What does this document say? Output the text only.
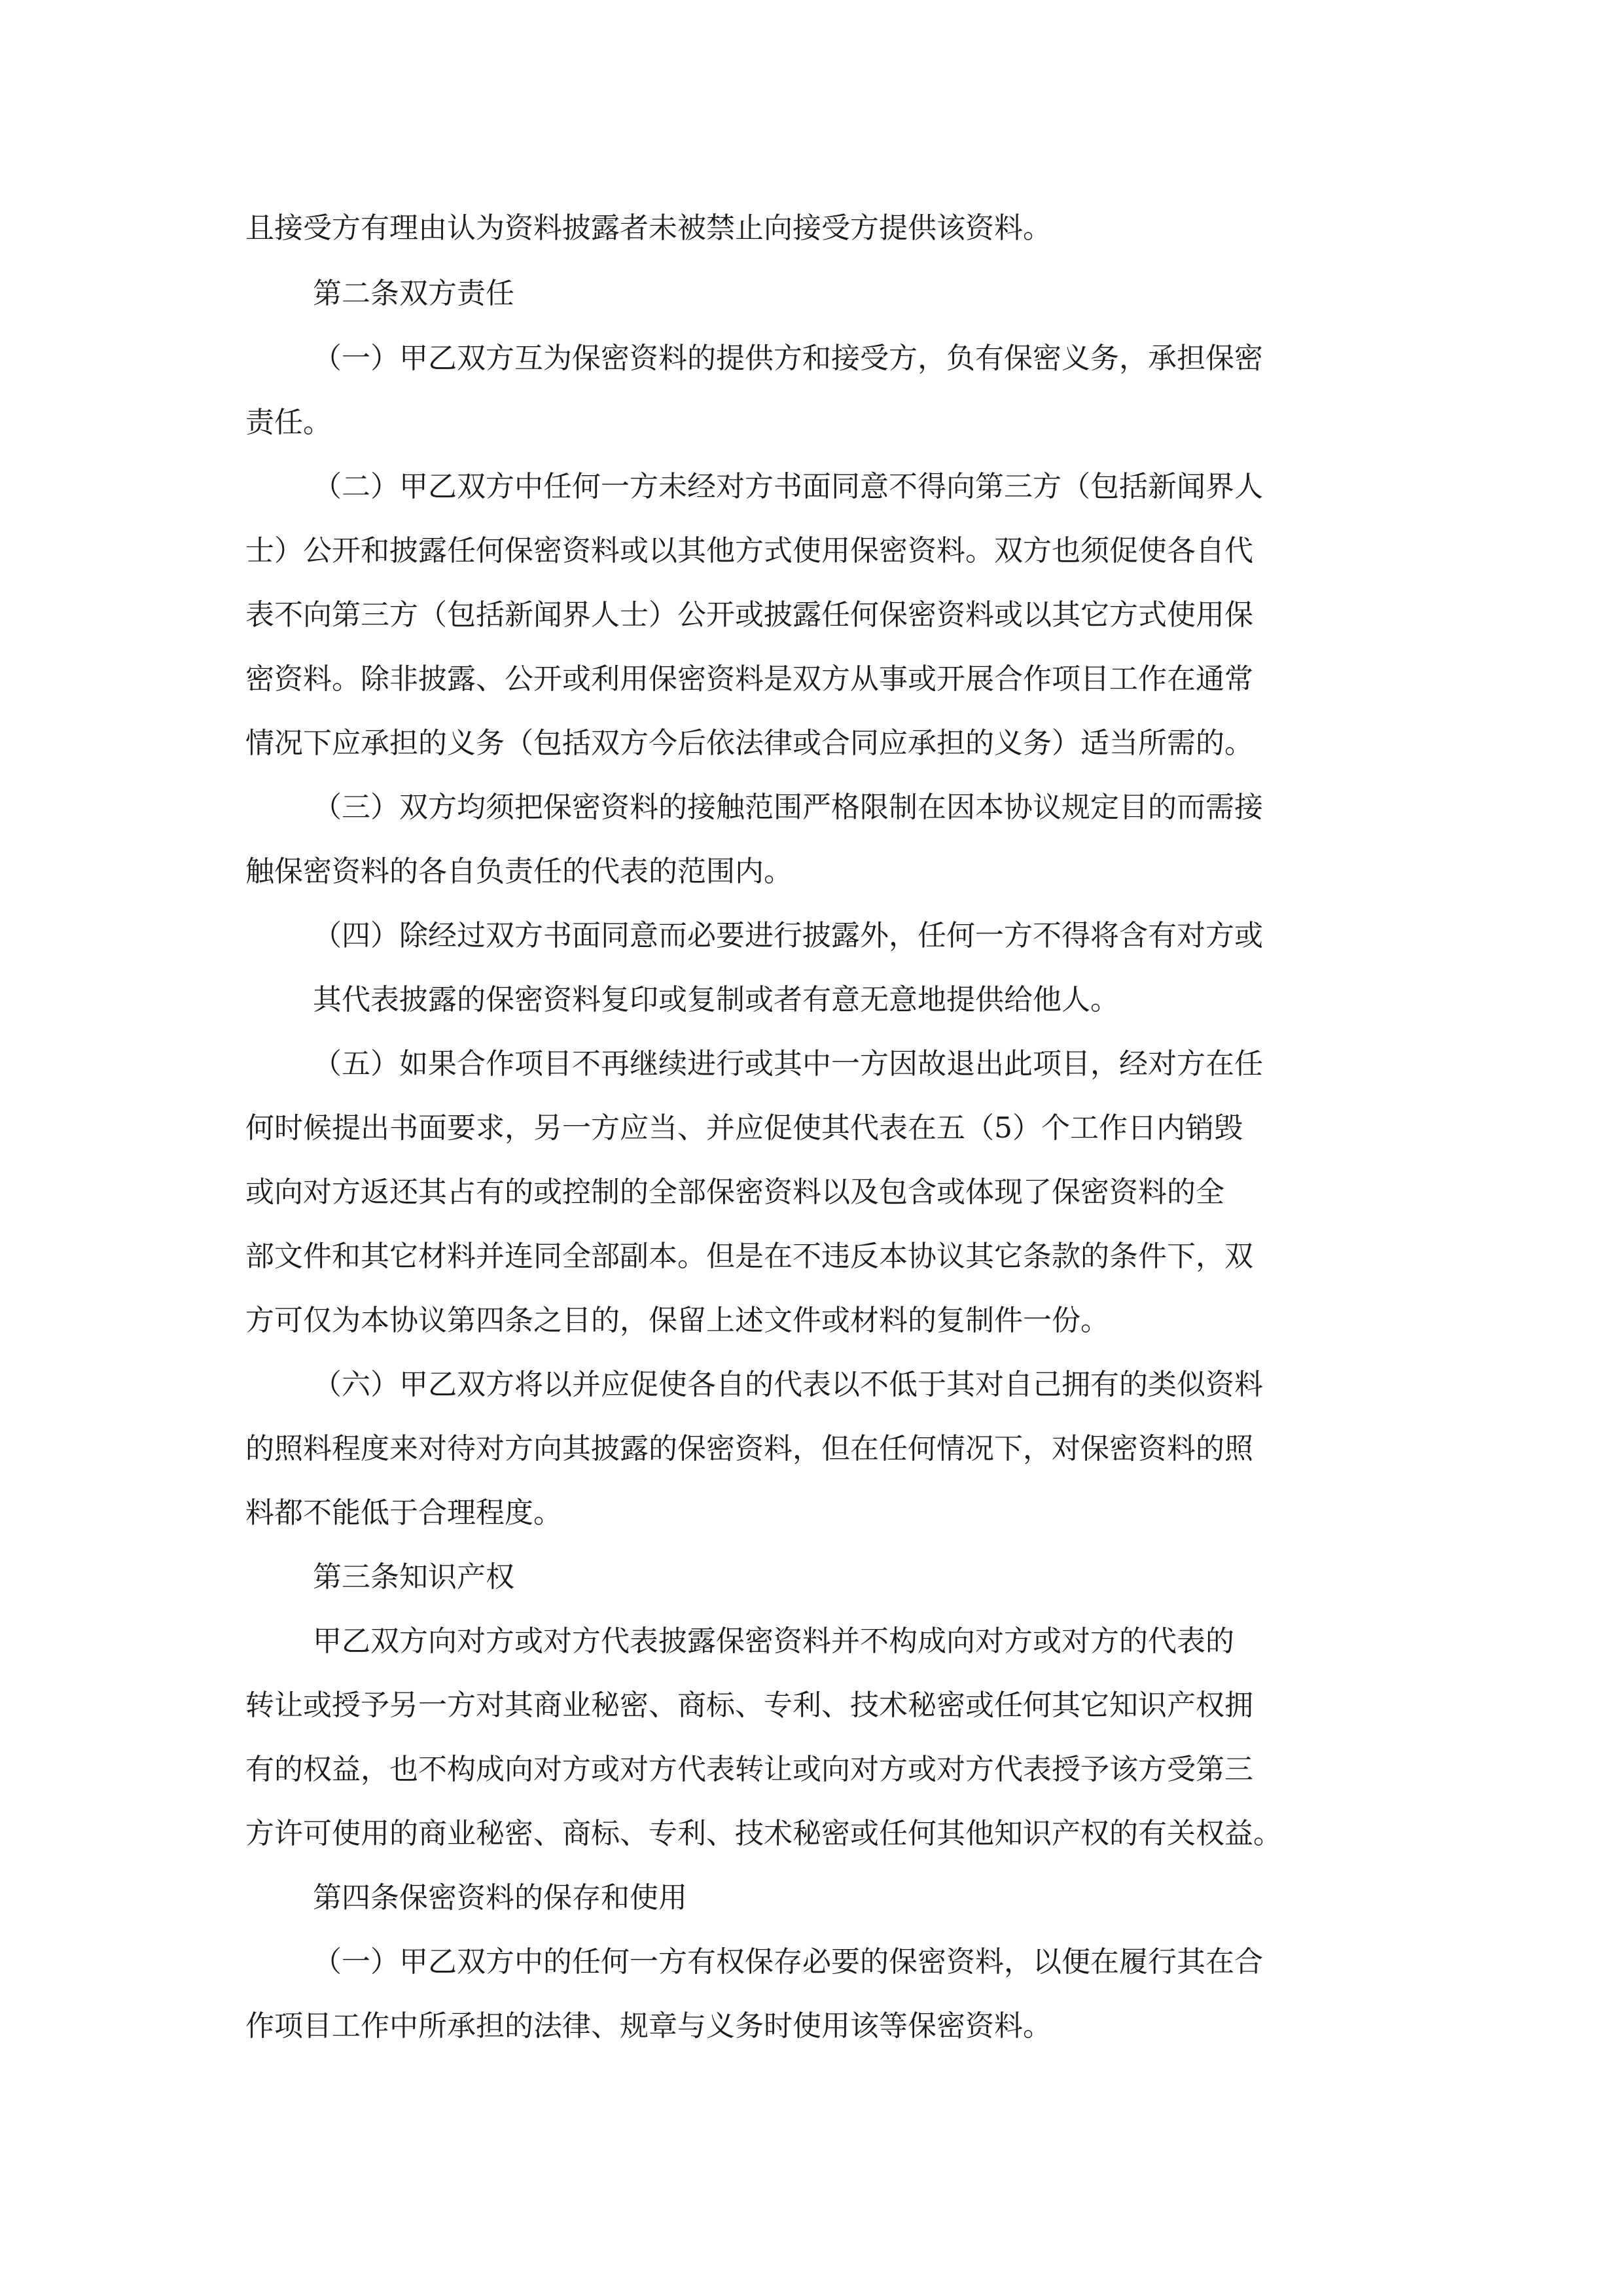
且接受方有理由认为资料披露者未被禁止向接受方提供该资料。

第二条双方责任

（一）甲乙双方互为保密资料的提供方和接受方，负有保密义务，承担保密

责任。

（二）甲乙双方中任何一方未经对方书面同意不得向第三方（包括新闻界人

士）公开和披露任何保密资料或以其他方式使用保密资料。双方也须促使各自代

表不向第三方（包括新闻界人士）公开或披露任何保密资料或以其它方式使用保

密资料。除非披露、公开或利用保密资料是双方从事或开展合作项目工作在通常

情况下应承担的义务（包括双方今后依法律或合同应承担的义务）适当所需的。

（三）双方均须把保密资料的接触范围严格限制在因本协议规定目的而需接

触保密资料的各自负责任的代表的范围内。

（四）除经过双方书面同意而必要进行披露外，任何一方不得将含有对方或

其代表披露的保密资料复印或复制或者有意无意地提供给他人。

（五）如果合作项目不再继续进行或其中一方因故退出此项目，经对方在任

何时候提出书面要求，另一方应当、并应促使其代表在五（5）个工作日内销毁

或向对方返还其占有的或控制的全部保密资料以及包含或体现了保密资料的全

部文件和其它材料并连同全部副本。但是在不违反本协议其它条款的条件下，双

方可仅为本协议第四条之目的，保留上述文件或材料的复制件一份。

（六）甲乙双方将以并应促使各自的代表以不低于其对自己拥有的类似资料

的照料程度来对待对方向其披露的保密资料，但在任何情况下，对保密资料的照

料都不能低于合理程度。

第三条知识产权

甲乙双方向对方或对方代表披露保密资料并不构成向对方或对方的代表的

转让或授予另一方对其商业秘密、商标、专利、技术秘密或任何其它知识产权拥

有的权益，也不构成向对方或对方代表转让或向对方或对方代表授予该方受第三

方许可使用的商业秘密、商标、专利、技术秘密或任何其他知识产权的有关权益。

第四条保密资料的保存和使用

（一）甲乙双方中的任何一方有权保存必要的保密资料，以便在履行其在合

作项目工作中所承担的法律、规章与义务时使用该等保密资料。
